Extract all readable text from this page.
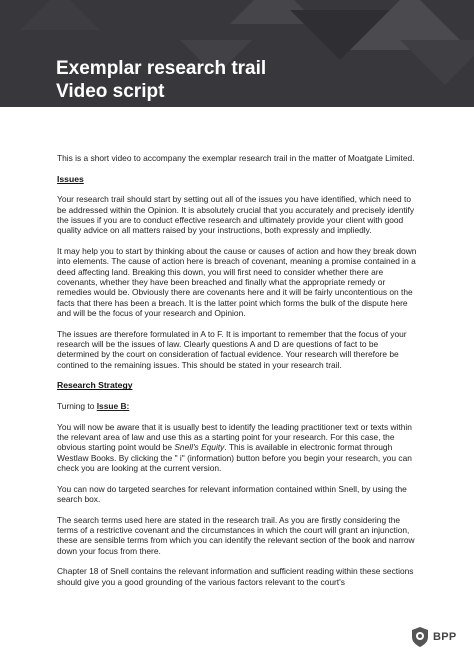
Exemplar research trail
Video script

This is a short video to accompany the exemplar research trail in the matter of Moatgate Limited.

Issues

Your research trail should start by setting out all of the issues you have identified, which need to be addressed within the Opinion. It is absolutely crucial that you accurately and precisely identify the issues if you are to conduct effective research and ultimately provide your client with good quality advice on all matters raised by your instructions, both expressly and impliedly.

It may help you to start by thinking about the cause or causes of action and how they break down into elements. The cause of action here is breach of covenant, meaning a promise contained in a deed affecting land. Breaking this down, you will first need to consider whether there are covenants, whether they have been breached and finally what the appropriate remedy or remedies would be. Obviously there are covenants here and it will be fairly uncontentious on the facts that there has been a breach. It is the latter point which forms the bulk of the dispute here and will be the focus of your research and Opinion.

The issues are therefore formulated in A to F. It is important to remember that the focus of your research will be the issues of law. Clearly questions A and D are questions of fact to be determined by the court on consideration of factual evidence. Your research will therefore be contined to the remaining issues. This should be stated in your research trail.

Research Strategy

Turning to Issue B:

You will now be aware that it is usually best to identify the leading practitioner text or texts within the relevant area of law and use this as a starting point for your research. For this case, the obvious starting point would be Snell's Equity. This is available in electronic format through Westlaw Books. By clicking the " i" (information) button before you begin your research, you can check you are looking at the current version.

You can now do targeted searches for relevant information contained within Snell, by using the search box.

The search terms used here are stated in the research trail. As you are firstly considering the terms of a restrictive covenant and the circumstances in which the court will grant an injunction, these are sensible terms from which you can identify the relevant section of the book and narrow down your focus from there.

Chapter 18 of Snell contains the relevant information and sufficient reading within these sections should give you a good grounding of the various factors relevant to the court's

BPP
